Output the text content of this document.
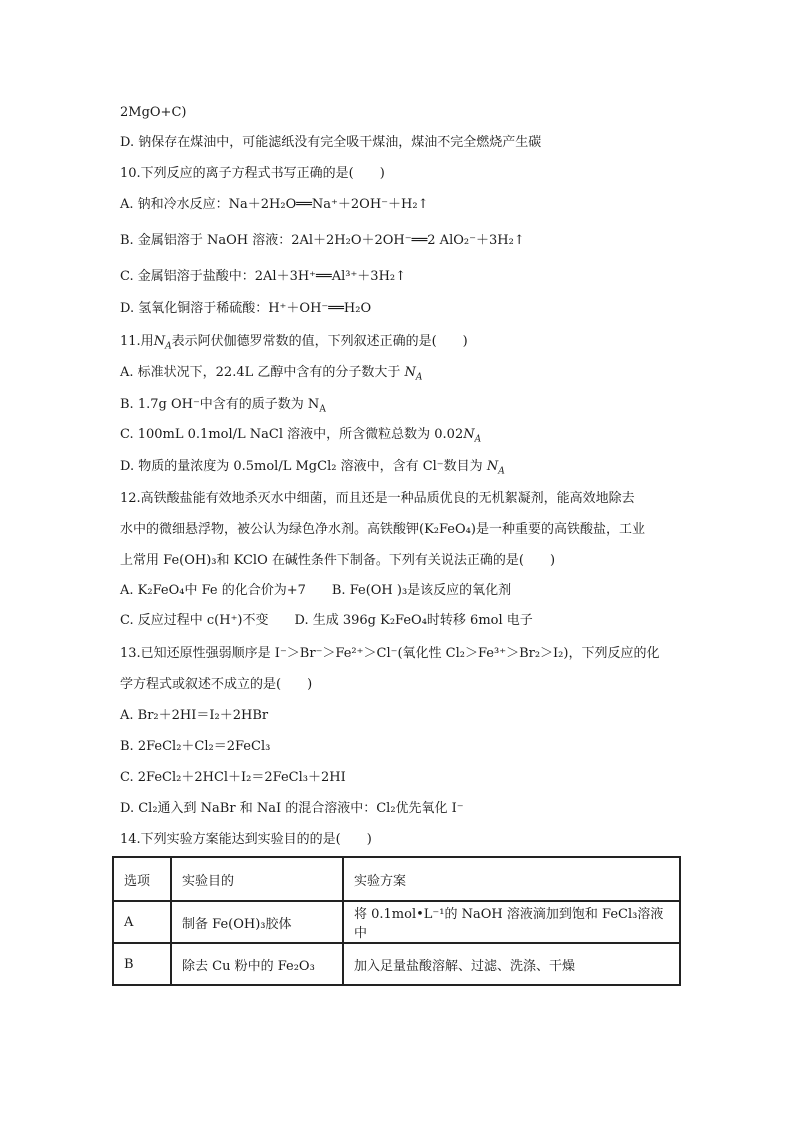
2MgO+C)
D. 钠保存在煤油中，可能滤纸没有完全吸干煤油，煤油不完全燃烧产生碳
10.下列反应的离子方程式书写正确的是(　　)
A. 钠和冷水反应：Na＋2H₂O══Na⁺＋2OH⁻＋H₂↑
B. 金属铝溶于 NaOH 溶液：2Al＋2H₂O＋2OH⁻══2 AlO₂⁻＋3H₂↑
C. 金属铝溶于盐酸中：2Al＋3H⁺══Al³⁺＋3H₂↑
D. 氢氧化铜溶于稀硫酸：H⁺＋OH⁻══H₂O
11.用$N_A$表示阿伏伽德罗常数的值，下列叙述正确的是(　　)
A. 标准状况下，22.4L 乙醇中含有的分子数大于 $N_A$
B. 1.7g OH⁻中含有的质子数为 $N_A$
C. 100mL 0.1mol/L NaCl 溶液中，所含微粒总数为 $0.02N_A$
D. 物质的量浓度为 0.5mol/L MgCl₂ 溶液中，含有 Cl⁻数目为 $N_A$
12.高铁酸盐能有效地杀灭水中细菌，而且还是一种品质优良的无机絮凝剂，能高效地除去
水中的微细悬浮物，被公认为绿色净水剂。高铁酸钾(K₂FeO₄)是一种重要的高铁酸盐，工业
上常用 Fe(OH)₃和 KClO 在碱性条件下制备。下列有关说法正确的是(　　)
A. K₂FeO₄中 Fe 的化合价为+7　　B. Fe(OH )₃是该反应的氧化剂
C. 反应过程中 c(H⁺)不变　　D. 生成 396g K₂FeO₄时转移 6mol 电子
13.已知还原性强弱顺序是 I⁻＞Br⁻＞Fe²⁺＞Cl⁻(氧化性 Cl₂＞Fe³⁺＞Br₂＞I₂)，下列反应的化
学方程式或叙述不成立的是(　　)
A. Br₂＋2HI＝I₂＋2HBr
B. 2FeCl₂＋Cl₂＝2FeCl₃
C. 2FeCl₂＋2HCl＋I₂＝2FeCl₃＋2HI
D. Cl₂通入到 NaBr 和 NaI 的混合溶液中：Cl₂优先氧化 I⁻
14.下列实验方案能达到实验目的的是(　　)
选项	实验目的	实验方案
A	制备 Fe(OH)₃胶体	将 0.1mol•L⁻¹的 NaOH 溶液滴加到饱和 FeCl₃溶液中
B	除去 Cu 粉中的 Fe₂O₃	加入足量盐酸溶解、过滤、洗涤、干燥
